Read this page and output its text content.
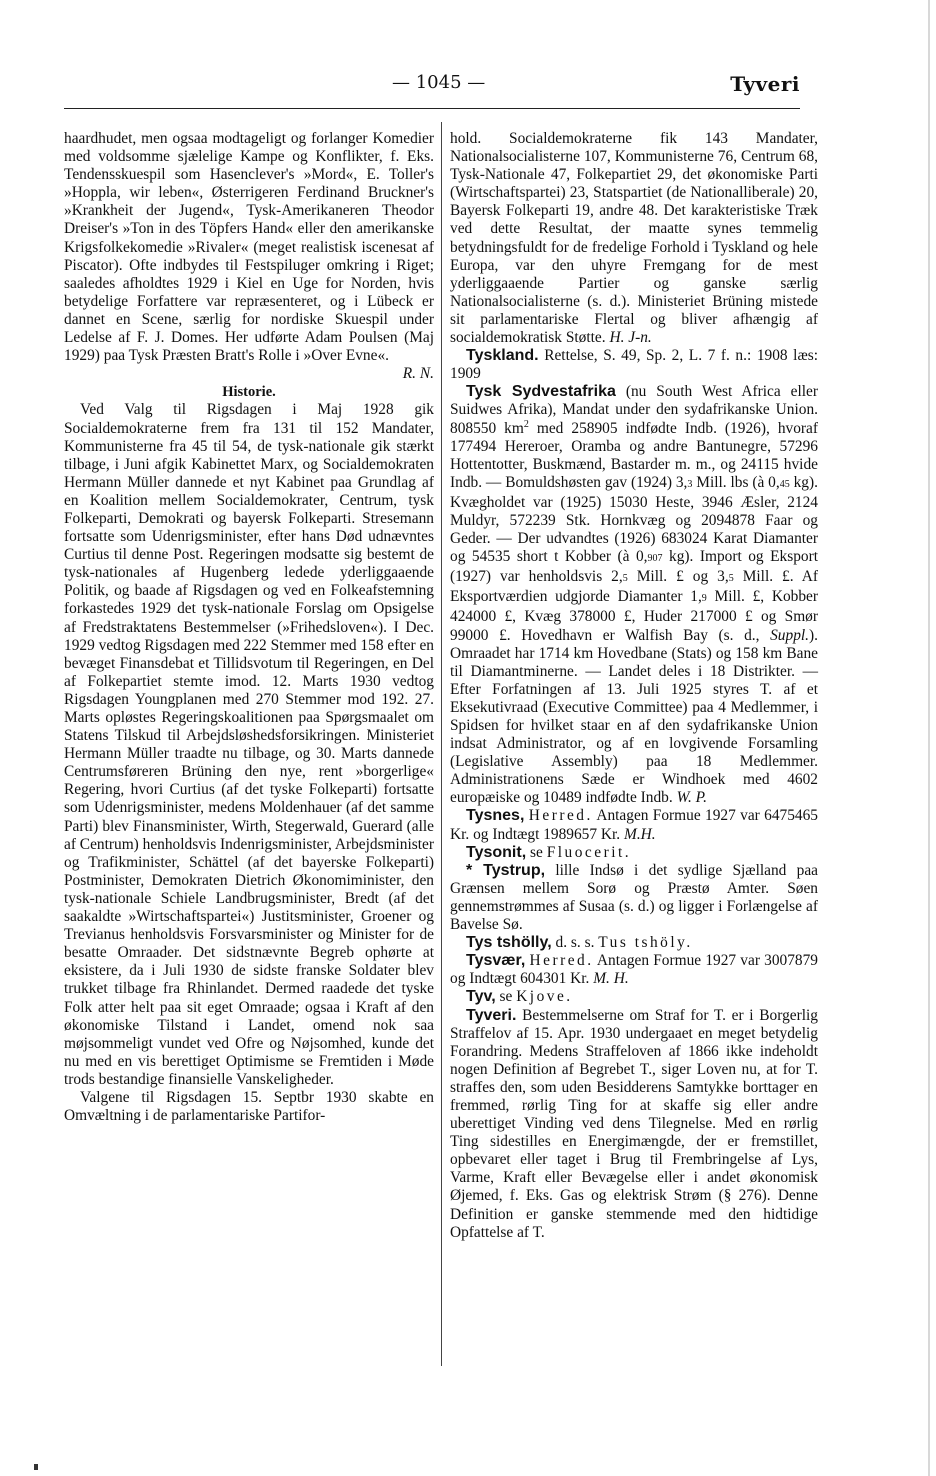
— 1045 —	Tyveri

haardhudet, men ogsaa modtageligt og forlanger Komedier med voldsomme sjælelige Kampe og Konflikter, f. Eks. Tendensskuespil som Hasenclever's »Mord«, E. Toller's »Hoppla, wir leben«, Østerrigeren Ferdinand Bruckner's »Krankheit der Jugend«, Tysk-Amerikaneren Theodor Dreiser's »Ton in des Töpfers Hand« eller den amerikanske Krigsfolkekomedie »Rivaler« (meget realistisk iscenesat af Piscator). Ofte indbydes til Festspiluger omkring i Riget; saaledes afholdtes 1929 i Kiel en Uge for Norden, hvis betydelige Forfattere var repræsenteret, og i Lübeck er dannet en Scene, særlig for nordiske Skuespil under Ledelse af F. J. Domes. Her udførte Adam Poulsen (Maj 1929) paa Tysk Præsten Bratt's Rolle i »Over Evne«.

R. N.

Historie.

Ved Valg til Rigsdagen i Maj 1928 gik Socialdemokraterne frem fra 131 til 152 Mandater, Kommunisterne fra 45 til 54, de tysk-nationale gik stærkt tilbage, i Juni afgik Kabinettet Marx, og Socialdemokraten Hermann Müller dannede et nyt Kabinet paa Grundlag af en Koalition mellem Socialdemokrater, Centrum, tysk Folkeparti, Demokrati og bayersk Folkeparti. Stresemann fortsatte som Udenrigsminister, efter hans Død udnævntes Curtius til denne Post. Regeringen modsatte sig bestemt de tysk-nationales af Hugenberg ledede yderliggaaende Politik, og baade af Rigsdagen og ved en Folkeafstemning forkastedes 1929 det tysk-nationale Forslag om Opsigelse af Fredstraktatens Bestemmelser (»Frihedsloven«). I Dec. 1929 vedtog Rigsdagen med 222 Stemmer med 158 efter en bevæget Finansdebat et Tillidsvotum til Regeringen, en Del af Folkepartiet stemte imod. 12. Marts 1930 vedtog Rigsdagen Youngplanen med 270 Stemmer mod 192. 27. Marts opløstes Regeringskoalitionen paa Spørgsmaalet om Statens Tilskud til Arbejdsløshedsforsikringen. Ministeriet Hermann Müller traadte nu tilbage, og 30. Marts dannede Centrumsføreren Brüning den nye, rent »borgerlige« Regering, hvori Curtius (af det tyske Folkeparti) fortsatte som Udenrigsminister, medens Moldenhauer (af det samme Parti) blev Finansminister, Wirth, Stegerwald, Guerard (alle af Centrum) henholdsvis Indenrigsminister, Arbejdsminister og Trafikminister, Schättel (af det bayerske Folkeparti) Postminister, Demokraten Dietrich Økonomiminister, den tysk-nationale Schiele Landbrugsminister, Bredt (af det saakaldte »Wirtschaftspartei«) Justitsminister, Groener og Trevianus henholdsvis Forsvarsminister og Minister for de besatte Omraader. Det sidstnævnte Begreb ophørte at eksistere, da i Juli 1930 de sidste franske Soldater blev trukket tilbage fra Rhinlandet. Dermed raadede det tyske Folk atter helt paa sit eget Omraade; ogsaa i Kraft af den økonomiske Tilstand i Landet, omend nok saa møjsommeligt vundet ved Ofre og Nøjsomhed, kunde det nu med en vis berettiget Optimisme se Fremtiden i Møde trods bestandige finansielle Vanskeligheder.

Valgene til Rigsdagen 15. Septbr 1930 skabte en Omvæltning i de parlamentariske Partifor-

hold. Socialdemokraterne fik 143 Mandater, Nationalsocialisterne 107, Kommunisterne 76, Centrum 68, Tysk-Nationale 47, Folkepartiet 29, det økonomiske Parti (Wirtschaftspartei) 23, Statspartiet (de Nationalliberale) 20, Bayersk Folkeparti 19, andre 48. Det karakteristiske Træk ved dette Resultat, der maatte synes temmelig betydningsfuldt for de fredelige Forhold i Tyskland og hele Europa, var den uhyre Fremgang for de mest yderliggaaende Partier og ganske særlig Nationalsocialisterne (s. d.). Ministeriet Brüning mistede sit parlamentariske Flertal og bliver afhængig af socialdemokratisk Støtte. H. J-n.

Tyskland. Rettelse, S. 49, Sp. 2, L. 7 f. n.: 1908 læs: 1909

Tysk Sydvestafrika (nu South West Africa eller Suidwes Afrika), Mandat under den sydafrikanske Union. 808550 $km^2$ med 258905 indfødte Indb. (1926), hvoraf 177494 Hereroer, Oramba og andre Bantunegre, 57296 Hottentotter, Buskmænd, Bastarder m. m., og 24115 hvide Indb. — Bomuldshøsten gav (1924) 3,3 Mill. lbs (à 0,45 kg). Kvægholdet var (1925) 15030 Heste, 3946 Æsler, 2124 Muldyr, 572239 Stk. Hornkvæg og 2094878 Faar og Geder. — Der udvandtes (1926) 683024 Karat Diamanter og 54535 short t Kobber (à 0,907 kg). Import og Eksport (1927) var henholdsvis 2,5 Mill. £ og 3,5 Mill. £. Af Eksportværdien udgjorde Diamanter 1,9 Mill. £, Kobber 424000 £, Kvæg 378000 £, Huder 217000 £ og Smør 99000 £. Hovedhavn er Walfish Bay (s. d., Suppl.). Omraadet har 1714 km Hovedbane (Stats) og 158 km Bane til Diamantminerne. — Landet deles i 18 Distrikter. — Efter Forfatningen af 13. Juli 1925 styres T. af et Eksekutivraad (Executive Committee) paa 4 Medlemmer, i Spidsen for hvilket staar en af den sydafrikanske Union indsat Administrator, og af en lovgivende Forsamling (Legislative Assembly) paa 18 Medlemmer. Administrationens Sæde er Windhoek med 4602 europæiske og 10489 indfødte Indb. W. P.

Tysnes, Herred. Antagen Formue 1927 var 6475465 Kr. og Indtægt 1989657 Kr. M.H.

Tysonit, se Fluocerit.

* Tystrup, lille Indsø i det sydlige Sjælland paa Grænsen mellem Sorø og Præstø Amter. Søen gennemstrømmes af Susaa (s. d.) og ligger i Forlængelse af Bavelse Sø.

Tys tshölly, d. s. s. Tus tshöly.

Tysvær, Herred. Antagen Formue 1927 var 3007879 og Indtægt 604301 Kr. M. H.

Tyv, se Kjove.

Tyveri. Bestemmelserne om Straf for T. er i Borgerlig Straffelov af 15. Apr. 1930 undergaaet en meget betydelig Forandring. Medens Straffeloven af 1866 ikke indeholdt nogen Definition af Begrebet T., siger Loven nu, at for T. straffes den, som uden Besidderens Samtykke borttager en fremmed, rørlig Ting for at skaffe sig eller andre uberettiget Vinding ved dens Tilegnelse. Med en rørlig Ting sidestilles en Energimængde, der er fremstillet, opbevaret eller taget i Brug til Frembringelse af Lys, Varme, Kraft eller Bevægelse eller i andet økonomisk Øjemed, f. Eks. Gas og elektrisk Strøm (§ 276). Denne Definition er ganske stemmende med den hidtidige Opfattelse af T.
